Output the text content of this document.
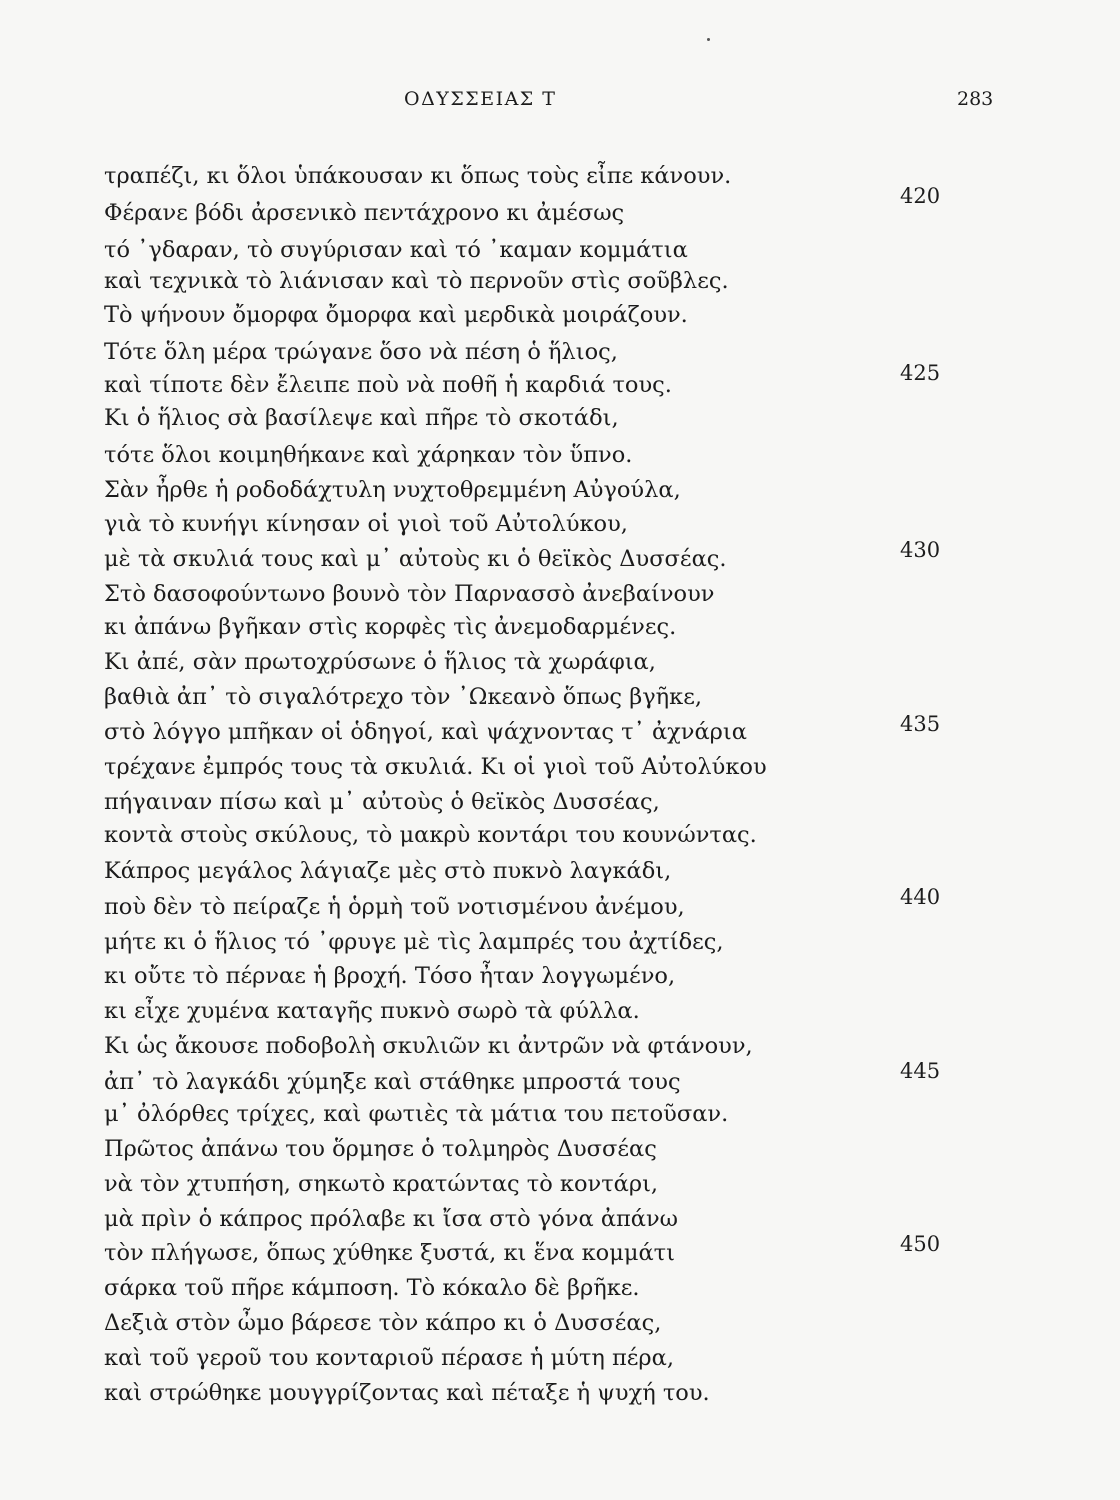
ΟΔΥΣΣΕΙΑΣ Τ	283
τραπέζι, κι ὅλοι ὑπάκουσαν κι ὅπως τοὺς εἶπε κάνουν.
Φέρανε βόδι ἀρσενικὸ πεντάχρονο κι ἀμέσως
τό ᾿γδαραν, τὸ συγύρισαν καὶ τό ᾿καμαν κομμάτια
καὶ τεχνικὰ τὸ λιάνισαν καὶ τὸ περνοῦν στὶς σοῦβλες.
Τὸ ψήνουν ὄμορφα ὄμορφα καὶ μερδικὰ μοιράζουν.
Τότε ὅλη μέρα τρώγανε ὅσο νὰ πέση ὁ ἥλιος,
καὶ τίποτε δὲν ἔλειπε ποὺ νὰ ποθῆ ἡ καρδιά τους.
Κι ὁ ἥλιος σὰ βασίλεψε καὶ πῆρε τὸ σκοτάδι,
τότε ὅλοι κοιμηθήκανε καὶ χάρηκαν τὸν ὕπνο.
Σὰν ἦρθε ἡ ροδοδάχτυλη νυχτοθρεμμένη Αὐγούλα,
γιὰ τὸ κυνήγι κίνησαν οἱ γιοὶ τοῦ Αὐτολύκου,
μὲ τὰ σκυλιά τους καὶ μ᾿ αὐτοὺς κι ὁ θεϊκὸς Δυσσέας.
Στὸ δασοφούντωνο βουνὸ τὸν Παρνασσὸ ἀνεβαίνουν
κι ἀπάνω βγῆκαν στὶς κορφὲς τὶς ἀνεμοδαρμένες.
Κι ἀπέ, σὰν πρωτοχρύσωνε ὁ ἥλιος τὰ χωράφια,
βαθιὰ ἀπ᾿ τὸ σιγαλότρεχο τὸν ᾿Ωκεανὸ ὅπως βγῆκε,
στὸ λόγγο μπῆκαν οἱ ὁδηγοί, καὶ ψάχνοντας τ᾿ ἀχνάρια
τρέχανε ἐμπρός τους τὰ σκυλιά. Κι οἱ γιοὶ τοῦ Αὐτολύκου
πήγαιναν πίσω καὶ μ᾿ αὐτοὺς ὁ θεϊκὸς Δυσσέας,
κοντὰ στοὺς σκύλους, τὸ μακρὺ κοντάρι του κουνώντας.
Κάπρος μεγάλος λάγιαζε μὲς στὸ πυκνὸ λαγκάδι,
ποὺ δὲν τὸ πείραζε ἡ ὁρμὴ τοῦ νοτισμένου ἀνέμου,
μήτε κι ὁ ἥλιος τό ᾿φρυγε μὲ τὶς λαμπρές του ἀχτίδες,
κι οὔτε τὸ πέρναε ἡ βροχή. Τόσο ἦταν λογγωμένο,
κι εἶχε χυμένα καταγῆς πυκνὸ σωρὸ τὰ φύλλα.
Κι ὡς ἄκουσε ποδοβολὴ σκυλιῶν κι ἀντρῶν νὰ φτάνουν,
ἀπ᾿ τὸ λαγκάδι χύμηξε καὶ στάθηκε μπροστά τους
μ᾿ ὀλόρθες τρίχες, καὶ φωτιὲς τὰ μάτια του πετοῦσαν.
Πρῶτος ἀπάνω του ὅρμησε ὁ τολμηρὸς Δυσσέας
νὰ τὸν χτυπήση, σηκωτὸ κρατώντας τὸ κοντάρι,
μὰ πρὶν ὁ κάπρος πρόλαβε κι ἴσα στὸ γόνα ἀπάνω
τὸν πλήγωσε, ὅπως χύθηκε ξυστά, κι ἕνα κομμάτι
σάρκα τοῦ πῆρε κάμποση. Τὸ κόκαλο δὲ βρῆκε.
Δεξιὰ στὸν ὦμο βάρεσε τὸν κάπρο κι ὁ Δυσσέας,
καὶ τοῦ γεροῦ του κονταριοῦ πέρασε ἡ μύτη πέρα,
καὶ στρώθηκε μουγγρίζοντας καὶ πέταξε ἡ ψυχή του.
420
425
430
435
440
445
450
